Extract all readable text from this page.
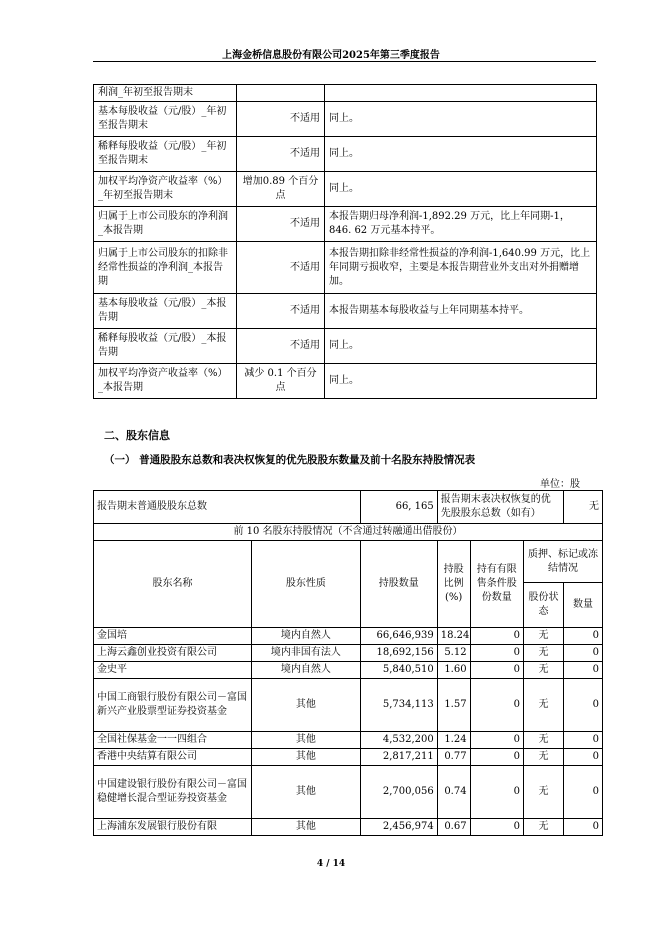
上海金桥信息股份有限公司2025年第三季度报告
利润_年初至报告期末		
基本每股收益（元/股）_年初至报告期末	不适用	同上。
稀释每股收益（元/股）_年初至报告期末	不适用	同上。
加权平均净资产收益率（%）_年初至报告期末	增加0.89 个百分点	同上。
归属于上市公司股东的净利润_本报告期	不适用	本报告期归母净利润-1,892.29 万元，比上年同期-1，846. 62 万元基本持平。
归属于上市公司股东的扣除非经常性损益的净利润_本报告期	不适用	本报告期扣除非经常性损益的净利润-1,640.99 万元，比上年同期亏损收窄，主要是本报告期营业外支出对外捐赠增加。
基本每股收益（元/股）_本报告期	不适用	本报告期基本每股收益与上年同期基本持平。
稀释每股收益（元/股）_本报告期	不适用	同上。
加权平均净资产收益率（%）_本报告期	减少 0.1 个百分点	同上。
二、股东信息
（一） 普通股股东总数和表决权恢复的优先股股东数量及前十名股东持股情况表
单位：股
报告期末普通股股东总数		66, 165	报告期末表决权恢复的优先股股东总数（如有）			无
前 10 名股东持股情况（不含通过转融通出借股份）						
股东名称	股东性质	持股数量	持股比例(%)	持有有限售条件股份数量	质押、标记或冻结情况	
					股份状态	数量
金国培	境内自然人	66,646,939	18.24	0	无	0
上海云鑫创业投资有限公司	境内非国有法人	18,692,156	5.12	0	无	0
金史平	境内自然人	5,840,510	1.60	0	无	0
中国工商银行股份有限公司－富国新兴产业股票型证券投资基金	其他	5,734,113	1.57	0	无	0
全国社保基金一一四组合	其他	4,532,200	1.24	0	无	0
香港中央结算有限公司	其他	2,817,211	0.77	0	无	0
中国建设银行股份有限公司－富国稳健增长混合型证券投资基金	其他	2,700,056	0.74	0	无	0
上海浦东发展银行股份有限	其他	2,456,974	0.67	0	无	0
4 / 14
